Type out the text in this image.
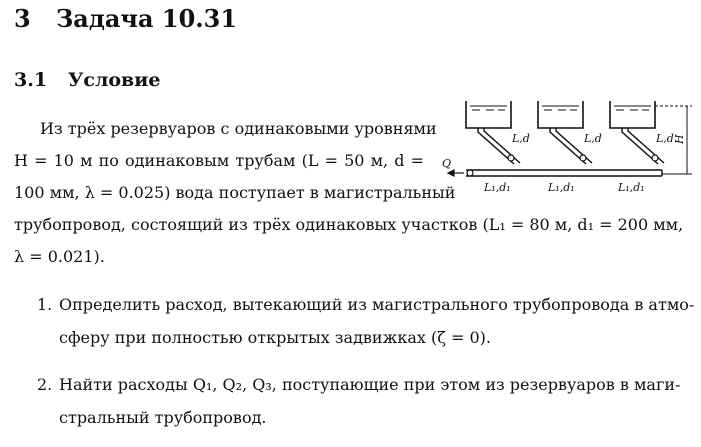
3 Задача 10.31
3.1 Условие
L,d	L,d	L,d
L₁,d₁	L₁,d₁	L₁,d₁
Q
H
Из трёх резервуаров с одинаковыми уровнями
H = 10 м по одинаковым трубам (L = 50 м, d =
100 мм, λ = 0.025) вода поступает в магистральный
трубопровод, состоящий из трёх одинаковых участков (L₁ = 80 м, d₁ = 200 мм,
λ = 0.021).
1. Определить расход, вытекающий из магистрального трубопровода в атмо-
сферу при полностью открытых задвижках (ζ = 0).
2. Найти расходы Q₁, Q₂, Q₃, поступающие при этом из резервуаров в маги-
стральный трубопровод.
